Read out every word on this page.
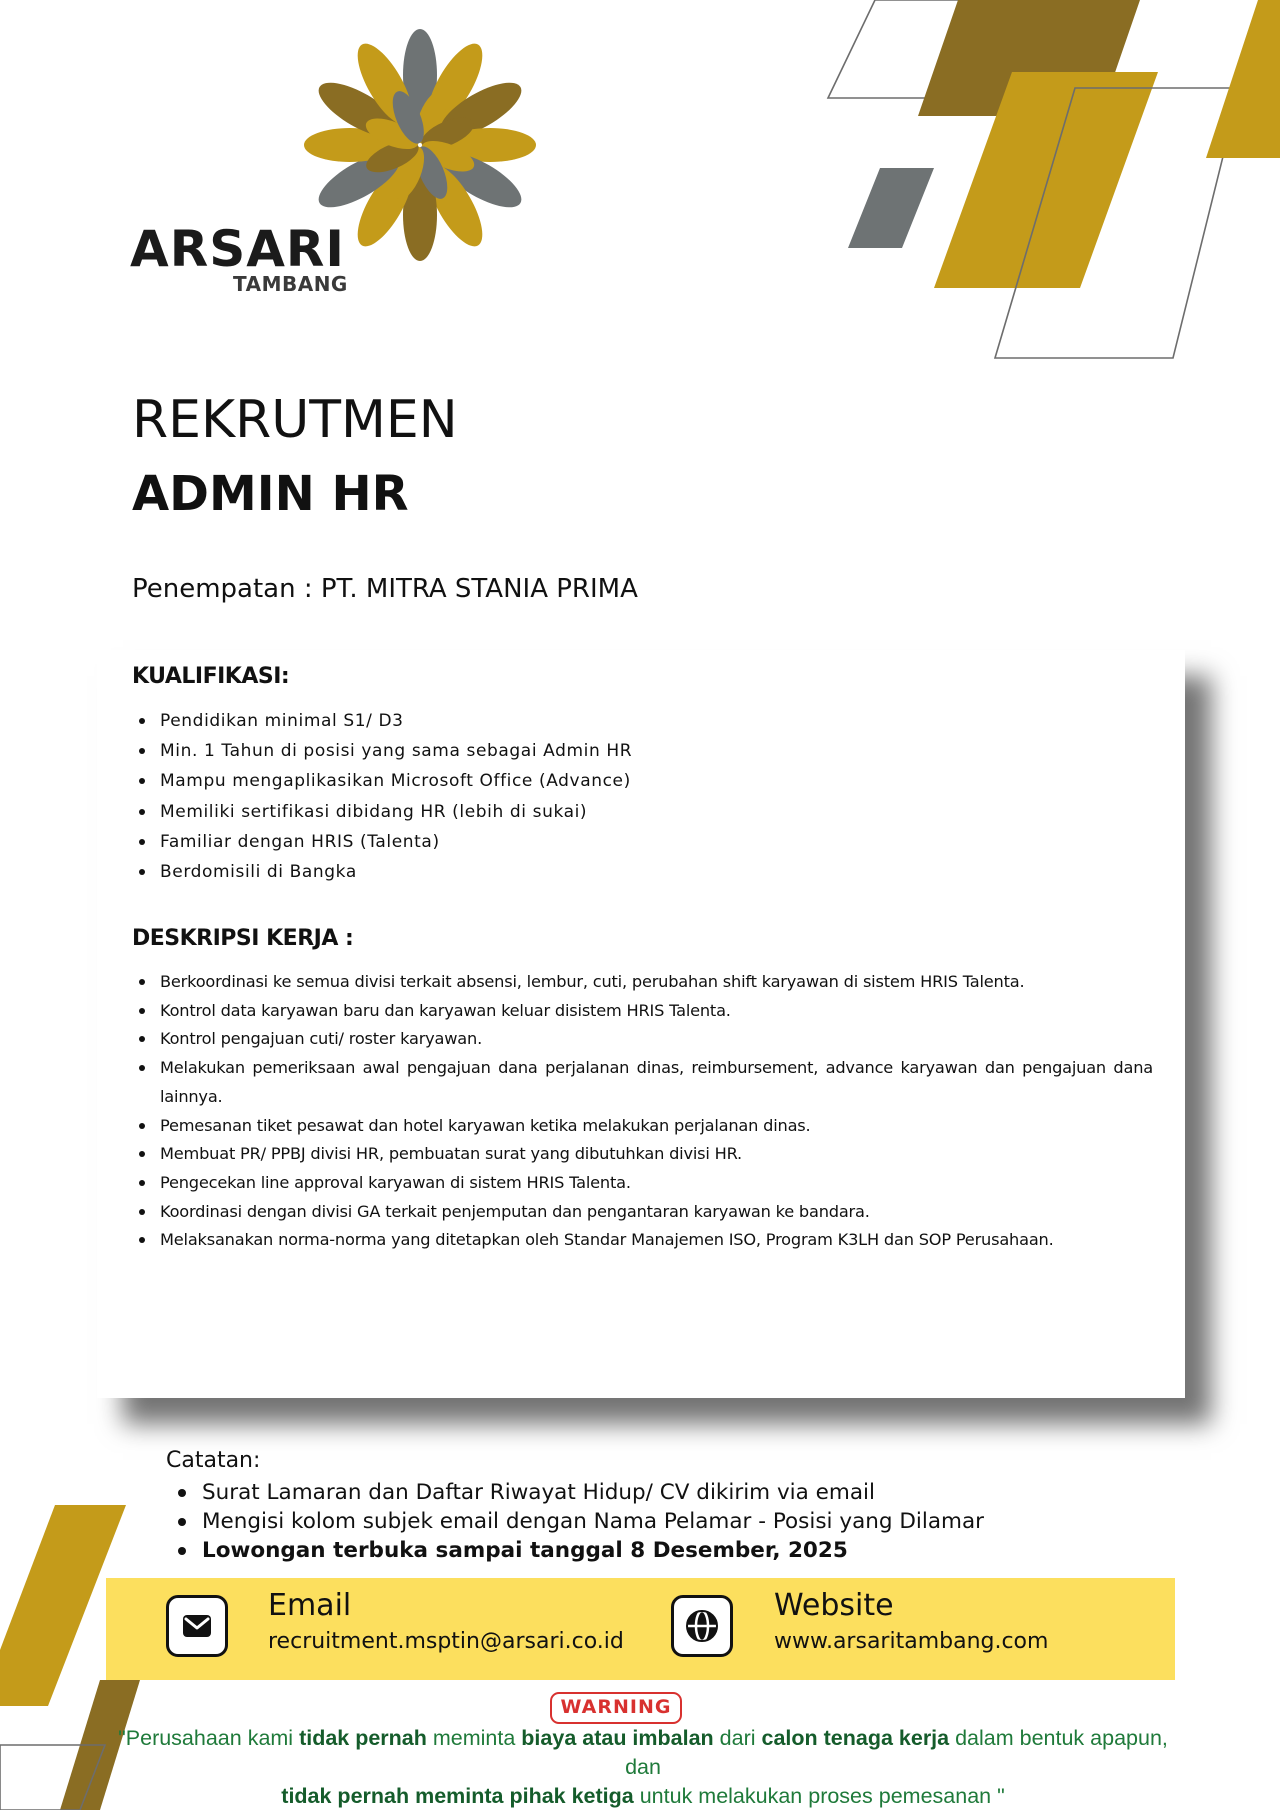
ARSARI
TAMBANG
REKRUTMEN
ADMIN HR
Penempatan : PT. MITRA STANIA PRIMA
KUALIFIKASI:
Pendidikan minimal S1/ D3
Min. 1 Tahun di posisi yang sama sebagai Admin HR
Mampu mengaplikasikan Microsoft Office (Advance)
Memiliki sertifikasi dibidang HR (lebih di sukai)
Familiar dengan HRIS (Talenta)
Berdomisili di Bangka
DESKRIPSI KERJA :
Berkoordinasi ke semua divisi terkait absensi, lembur, cuti, perubahan shift karyawan di sistem HRIS Talenta.
Kontrol data karyawan baru dan karyawan keluar disistem HRIS Talenta.
Kontrol pengajuan cuti/ roster karyawan.
Melakukan pemeriksaan awal pengajuan dana perjalanan dinas, reimbursement, advance karyawan dan pengajuan dana lainnya.
Pemesanan tiket pesawat dan hotel karyawan ketika melakukan perjalanan dinas.
Membuat PR/ PPBJ divisi HR, pembuatan surat yang dibutuhkan divisi HR.
Pengecekan line approval karyawan di sistem HRIS Talenta.
Koordinasi dengan divisi GA terkait penjemputan dan pengantaran karyawan ke bandara.
Melaksanakan norma-norma yang ditetapkan oleh Standar Manajemen ISO, Program K3LH dan SOP Perusahaan.
Catatan:
Surat Lamaran dan Daftar Riwayat Hidup/ CV dikirim via email
Mengisi kolom subjek email dengan Nama Pelamar - Posisi yang Dilamar
Lowongan terbuka sampai tanggal 8 Desember, 2025
Email
recruitment.msptin@arsari.co.id
Website
www.arsaritambang.com
WARNING
"Perusahaan kami tidak pernah meminta biaya atau imbalan dari calon tenaga kerja dalam bentuk apapun, dan
tidak pernah meminta pihak ketiga untuk melakukan proses pemesanan "
